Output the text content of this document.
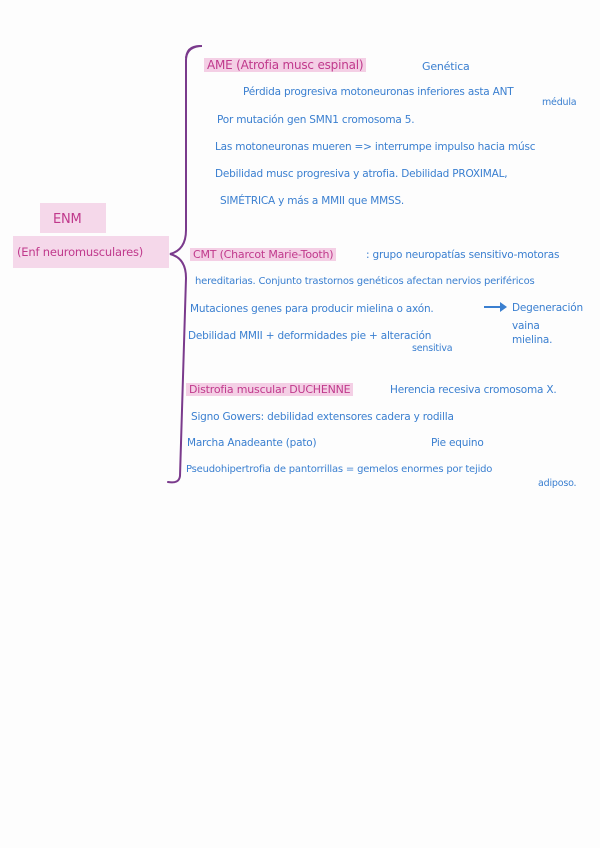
ENM
(Enf neuromusculares)
AME (Atrofia musc espinal)	Genética
Pérdida progresiva motoneuronas inferiores asta ANT
médula
Por mutación gen SMN1 cromosoma 5.
Las motoneuronas mueren => interrumpe impulso hacia músc
Debilidad musc progresiva y atrofia. Debilidad PROXIMAL,
SIMÉTRICA y más a MMII que MMSS.
CMT (Charcot Marie-Tooth)	: grupo neuropatías sensitivo-motoras
hereditarias. Conjunto trastornos genéticos afectan nervios periféricos
Mutaciones genes para producir mielina o axón.	Degeneración
vaina
mielina.
Debilidad MMII + deformidades pie + alteración
sensitiva
Distrofia muscular DUCHENNE	Herencia recesiva cromosoma X.
Signo Gowers: debilidad extensores cadera y rodilla
Marcha Anadeante (pato)	Pie equino
Pseudohipertrofia de pantorrillas = gemelos enormes por tejido
adiposo.
